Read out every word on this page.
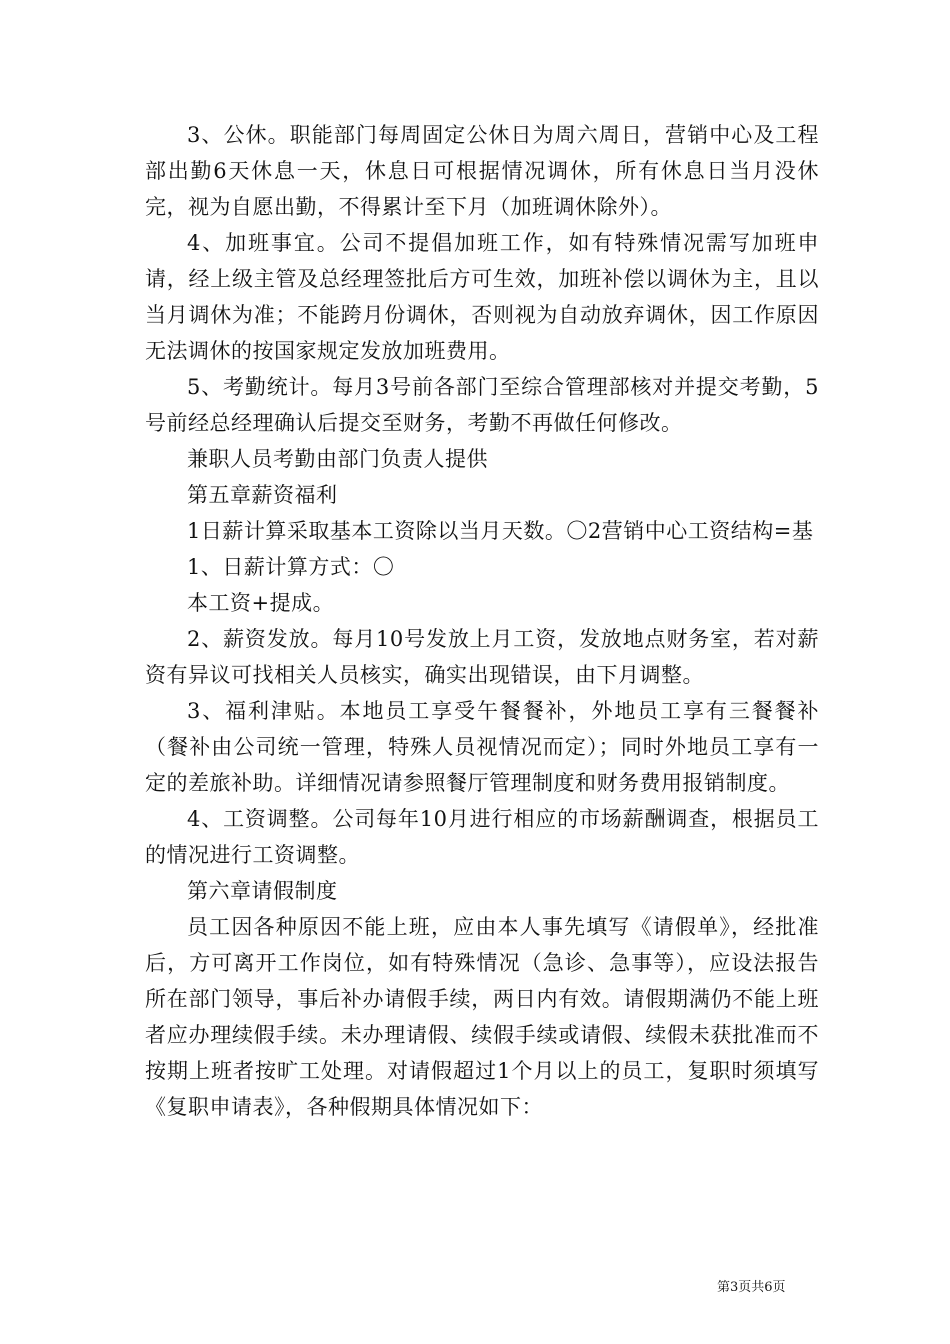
3、公休。职能部门每周固定公休日为周六周日，营销中心及工程部出勤6天休息一天，休息日可根据情况调休，所有休息日当月没休完，视为自愿出勤，不得累计至下月（加班调休除外）。

4、加班事宜。公司不提倡加班工作，如有特殊情况需写加班申请，经上级主管及总经理签批后方可生效，加班补偿以调休为主，且以当月调休为准；不能跨月份调休，否则视为自动放弃调休，因工作原因无法调休的按国家规定发放加班费用。

5、考勤统计。每月3号前各部门至综合管理部核对并提交考勤，5号前经总经理确认后提交至财务，考勤不再做任何修改。

兼职人员考勤由部门负责人提供

第五章薪资福利

1日薪计算采取基本工资除以当月天数。〇2营销中心工资结构=基

1、日薪计算方式：〇

本工资+提成。

2、薪资发放。每月10号发放上月工资，发放地点财务室，若对薪资有异议可找相关人员核实，确实出现错误，由下月调整。

3、福利津贴。本地员工享受午餐餐补，外地员工享有三餐餐补（餐补由公司统一管理，特殊人员视情况而定）；同时外地员工享有一定的差旅补助。详细情况请参照餐厅管理制度和财务费用报销制度。

4、工资调整。公司每年10月进行相应的市场薪酬调查，根据员工的情况进行工资调整。

第六章请假制度

员工因各种原因不能上班，应由本人事先填写《请假单》，经批准后，方可离开工作岗位，如有特殊情况（急诊、急事等），应设法报告所在部门领导，事后补办请假手续，两日内有效。请假期满仍不能上班者应办理续假手续。未办理请假、续假手续或请假、续假未获批准而不按期上班者按旷工处理。对请假超过1个月以上的员工，复职时须填写《复职申请表》，各种假期具体情况如下：

第3页共6页
